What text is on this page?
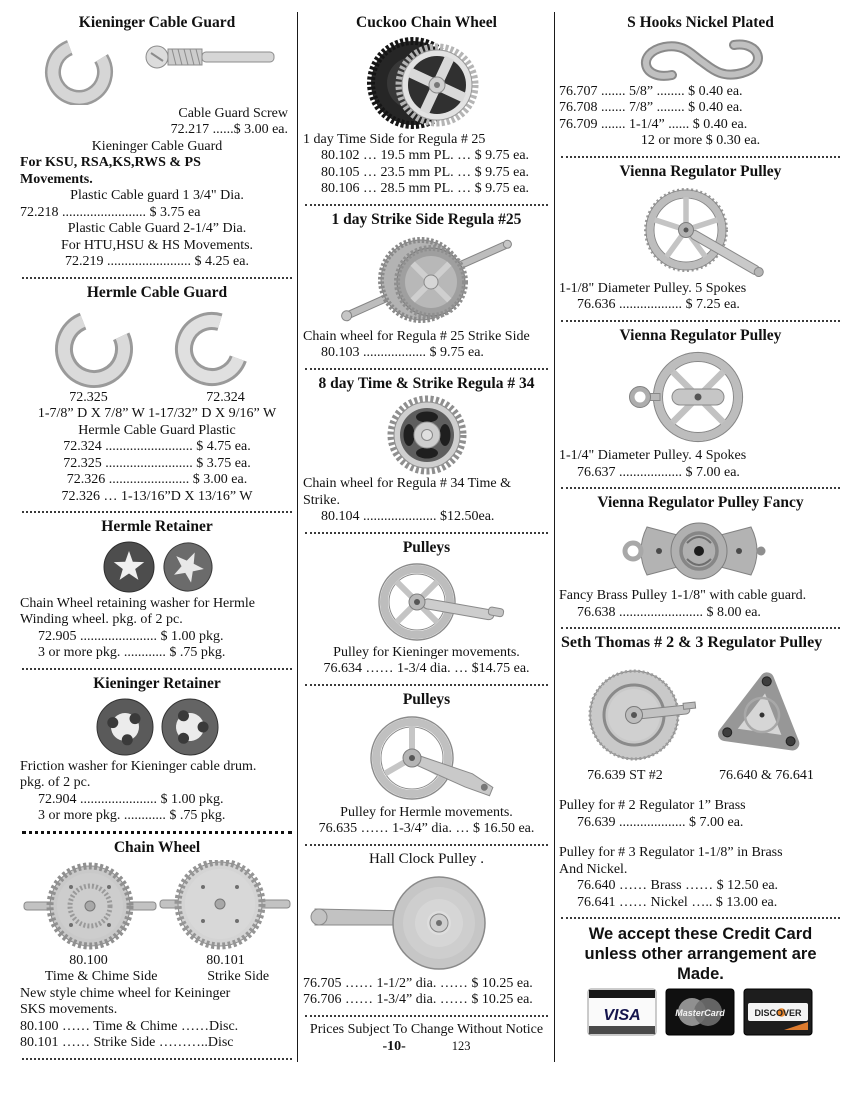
Kieninger Cable Guard
Cable Guard Screw
72.217 ......$ 3.00 ea.
Kieninger Cable Guard
For KSU, RSA,KS,RWS & PS
Movements.
Plastic Cable guard 1 3/4" Dia.
72.218 ........................ $ 3.75 ea
Plastic Cable Guard 2-1/4” Dia.
For HTU,HSU & HS Movements.
72.219 ........................ $ 4.25 ea.
Hermle Cable Guard
72.325	72.324
1-7/8” D X 7/8” W 1-17/32” D X 9/16” W
Hermle Cable Guard Plastic
72.324 ......................... $ 4.75 ea.
72.325 ......................... $ 3.75 ea.
72.326 ....................... $ 3.00 ea.
72.326 … 1-13/16”D X 13/16” W
Hermle Retainer
Chain Wheel retaining washer for Hermle
Winding wheel. pkg. of 2 pc.
72.905 ...................... $ 1.00 pkg.
3 or more pkg. ............ $ .75 pkg.
Kieninger Retainer
Friction washer for Kieninger cable drum.
pkg. of 2 pc.
72.904 ...................... $ 1.00 pkg.
3 or more pkg. ............ $ .75 pkg.
Chain Wheel
80.100	80.101
Time & Chime Side	Strike Side
New style chime wheel for Keininger
SKS movements.
80.100 …… Time & Chime ……Disc.
80.101 …… Strike Side ………..Disc
Cuckoo Chain Wheel
1 day Time Side for Regula # 25
80.102 … 19.5 mm PL. … $ 9.75 ea.
80.105 … 23.5 mm PL. … $ 9.75 ea.
80.106 … 28.5 mm PL. … $ 9.75 ea.
1 day Strike Side Regula #25
Chain wheel for Regula # 25 Strike Side
80.103 .................. $ 9.75 ea.
8 day Time & Strike Regula # 34
Chain wheel for Regula # 34 Time &
Strike.
80.104 ..................... $12.50ea.
Pulleys
Pulley for Kieninger movements.
76.634 …… 1-3/4 dia. … $14.75 ea.
Pulleys
Pulley for Hermle movements.
76.635 …… 1-3/4” dia. … $ 16.50 ea.
Hall Clock Pulley .
76.705 …… 1-1/2” dia. …… $ 10.25 ea.
76.706 …… 1-3/4” dia. …… $ 10.25 ea.
Prices Subject To Change Without Notice
-10-	123
S Hooks Nickel Plated
76.707 ....... 5/8” ........ $ 0.40 ea.
76.708 ....... 7/8” ........ $ 0.40 ea.
76.709 ....... 1-1/4” ...... $ 0.40 ea.
12 or more $ 0.30 ea.
Vienna Regulator Pulley
1-1/8" Diameter Pulley. 5 Spokes
76.636 .................. $ 7.25 ea.
Vienna Regulator Pulley
1-1/4" Diameter Pulley. 4 Spokes
76.637 .................. $ 7.00 ea.
Vienna Regulator Pulley Fancy
Fancy Brass Pulley 1-1/8" with cable guard.
76.638 ........................ $ 8.00 ea.
Seth Thomas # 2 & 3 Regulator Pulley
76.639 ST #2	76.640 & 76.641
Pulley for # 2 Regulator 1” Brass
76.639 ................... $ 7.00 ea.
Pulley for # 3 Regulator 1-1/8” in Brass
And Nickel.
76.640 …… Brass …… $ 12.50 ea.
76.641 …… Nickel ….. $ 13.00 ea.
We accept these Credit Card
unless other arrangement are Made.
VISA	MasterCard	DISCOVER
